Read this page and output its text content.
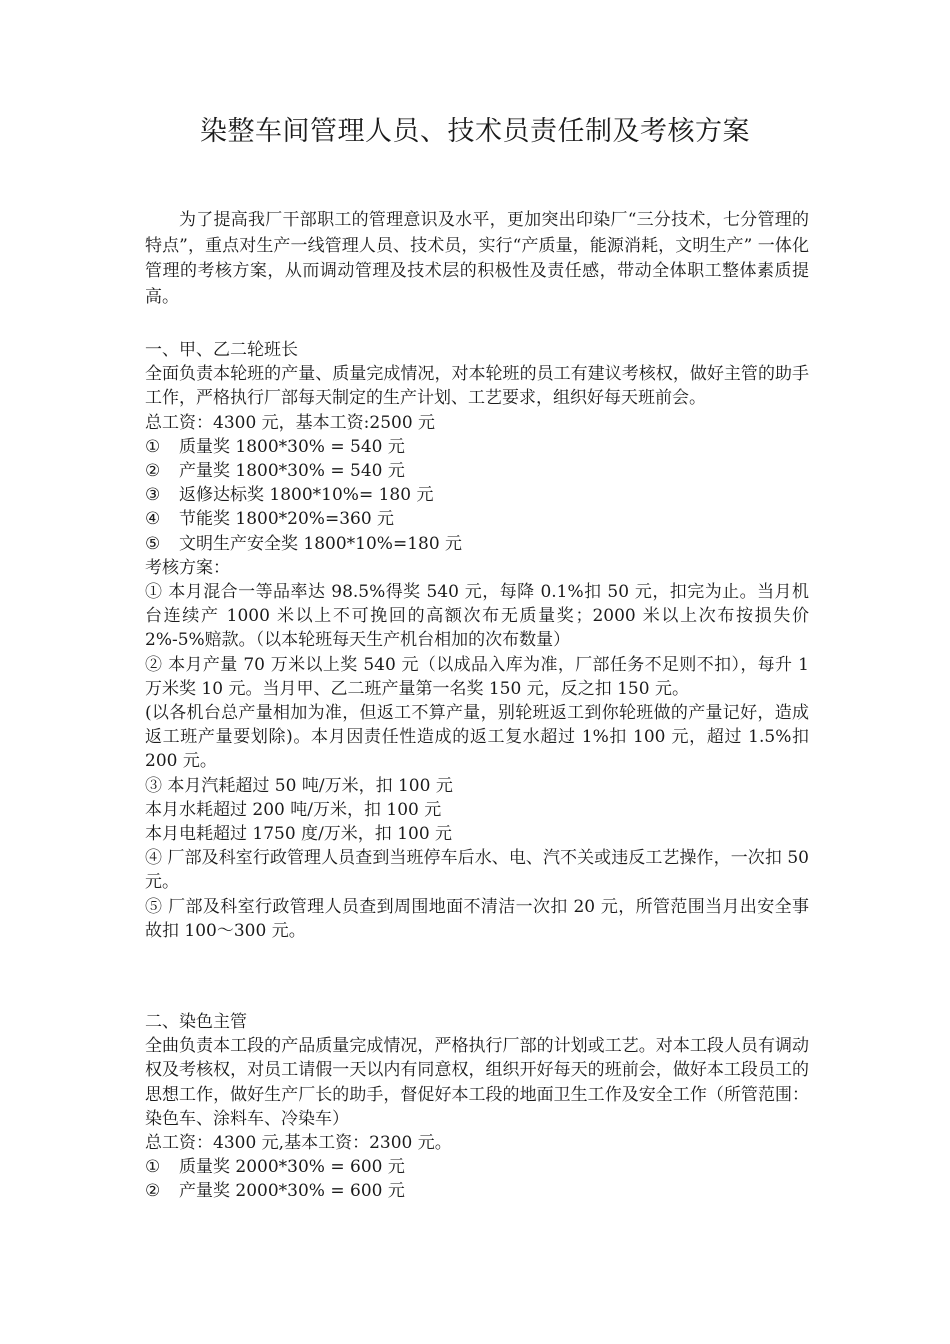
染整车间管理人员、技术员责任制及考核方案
为了提高我厂干部职工的管理意识及水平，更加突出印染厂“三分技术，七分管理的特点”，重点对生产一线管理人员、技术员，实行“产质量，能源消耗，文明生产” 一体化管理的考核方案，从而调动管理及技术层的积极性及责任感，带动全体职工整体素质提高。
一、甲、乙二轮班长
全面负责本轮班的产量、质量完成情况，对本轮班的员工有建议考核权，做好主管的助手工作，严格执行厂部每天制定的生产计划、工艺要求，组织好每天班前会。
总工资：4300 元，基本工资:2500 元
① 质量奖 1800*30% = 540 元
② 产量奖 1800*30% = 540 元
③ 返修达标奖 1800*10%= 180 元
④ 节能奖 1800*20%=360 元
⑤ 文明生产安全奖 1800*10%=180 元
考核方案：
① 本月混合一等品率达 98.5%得奖 540 元，每降 0.1%扣 50 元，扣完为止。当月机台连续产 1000 米以上不可挽回的高额次布无质量奖；2000 米以上次布按损失价 2%-5%赔款。（以本轮班每天生产机台相加的次布数量）
② 本月产量 70 万米以上奖 540 元（以成品入库为准，厂部任务不足则不扣），每升 1 万米奖 10 元。当月甲、乙二班产量第一名奖 150 元，反之扣 150 元。
(以各机台总产量相加为准，但返工不算产量，别轮班返工到你轮班做的产量记好，造成返工班产量要划除)。本月因责任性造成的返工复水超过 1%扣 100 元，超过 1.5%扣 200 元。
③ 本月汽耗超过 50 吨/万米，扣 100 元
本月水耗超过 200 吨/万米，扣 100 元
本月电耗超过 1750 度/万米，扣 100 元
④ 厂部及科室行政管理人员查到当班停车后水、电、汽不关或违反工艺操作，一次扣 50 元。
⑤ 厂部及科室行政管理人员查到周围地面不清洁一次扣 20 元，所管范围当月出安全事故扣 100～300 元。
二、染色主管
全曲负责本工段的产品质量完成情况，严格执行厂部的计划或工艺。对本工段人员有调动权及考核权，对员工请假一天以内有同意权，组织开好每天的班前会，做好本工段员工的思想工作，做好生产厂长的助手，督促好本工段的地面卫生工作及安全工作（所管范围：染色车、涂料车、冷染车）
总工资：4300 元,基本工资：2300 元。
① 质量奖 2000*30% = 600 元
② 产量奖 2000*30% = 600 元
